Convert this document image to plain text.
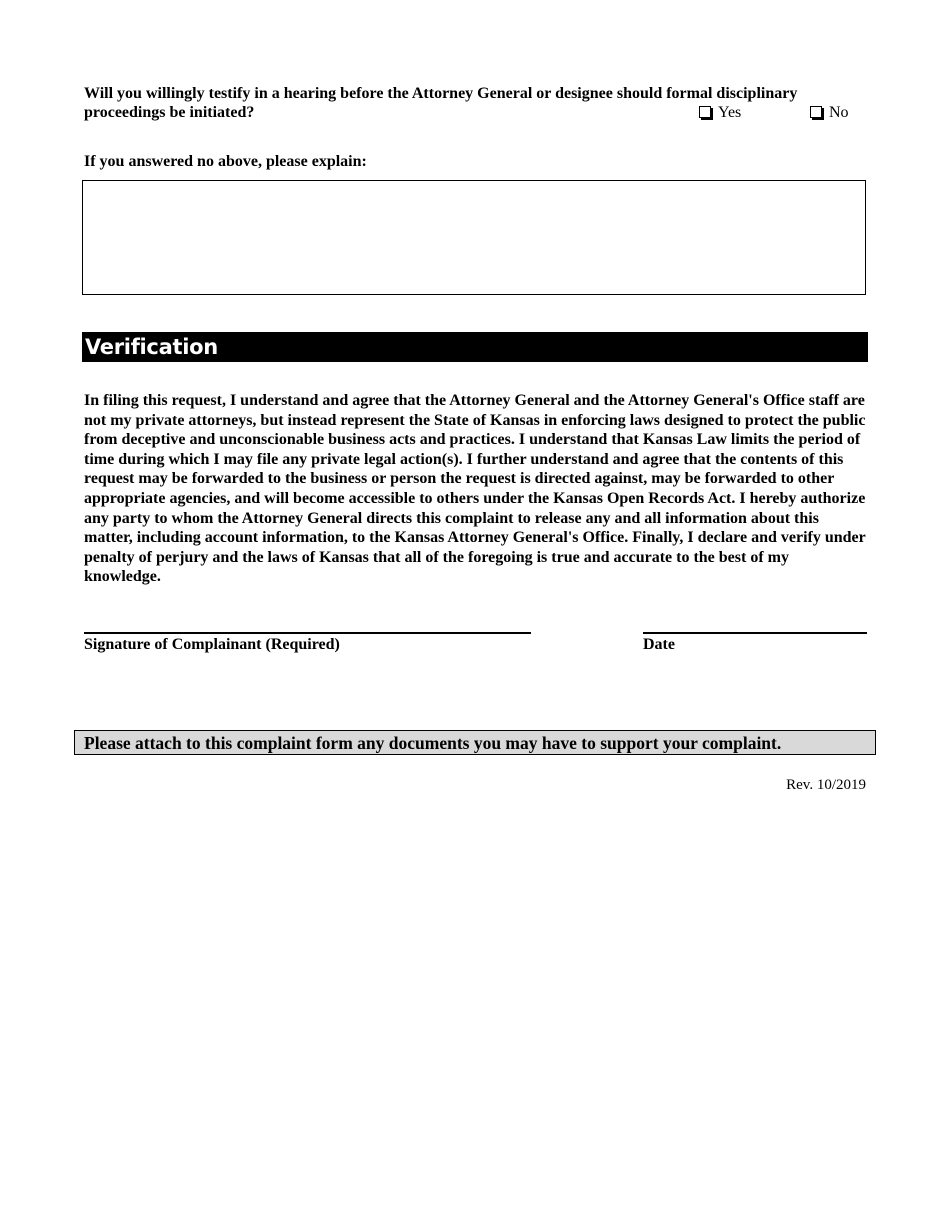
Will you willingly testify in a hearing before the Attorney General or designee should formal disciplinary
proceedings be initiated?	Yes	No
If you answered no above, please explain:
Verification
In filing this request, I understand and agree that the Attorney General and the Attorney General's Office staff are not my private attorneys, but instead represent the State of Kansas in enforcing laws designed to protect the public from deceptive and unconscionable business acts and practices. I understand that Kansas Law limits the period of time during which I may file any private legal action(s). I further understand and agree that the contents of this request may be forwarded to the business or person the request is directed against, may be forwarded to other appropriate agencies, and will become accessible to others under the Kansas Open Records Act. I hereby authorize any party to whom the Attorney General directs this complaint to release any and all information about this matter, including account information, to the Kansas Attorney General's Office. Finally, I declare and verify under penalty of perjury and the laws of Kansas that all of the foregoing is true and accurate to the best of my knowledge.
Signature of Complainant (Required)	Date
Please attach to this complaint form any documents you may have to support your complaint.
Rev. 10/2019
